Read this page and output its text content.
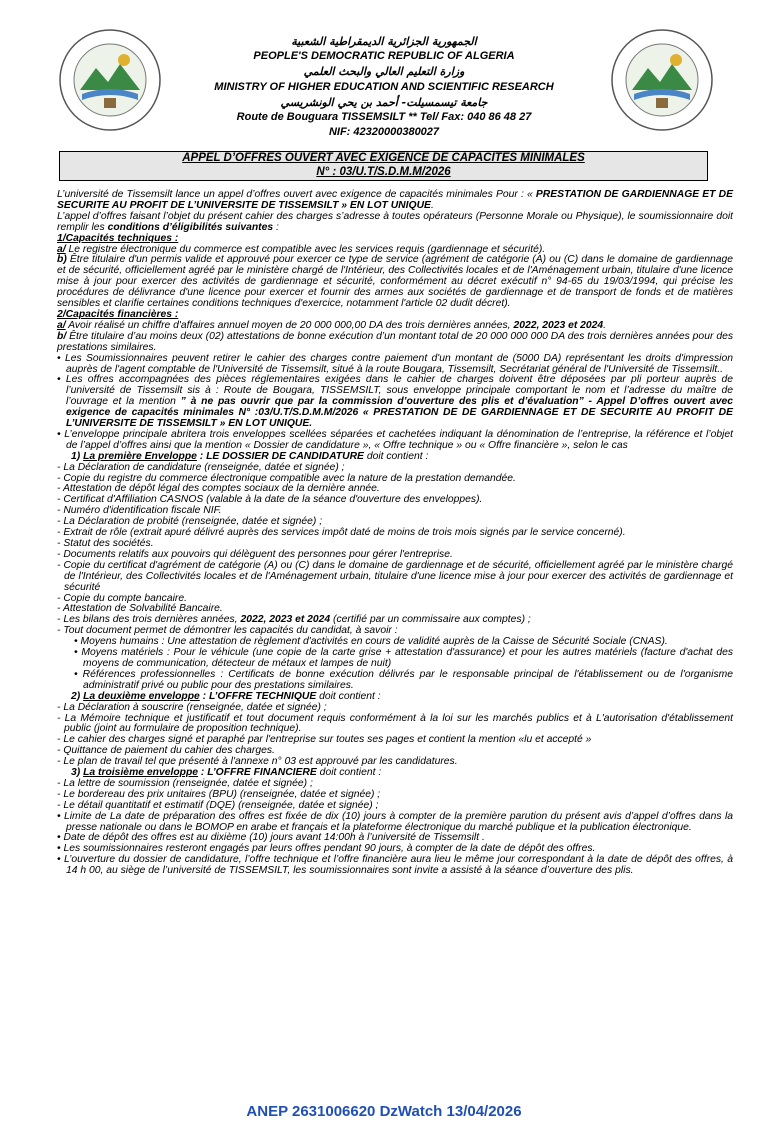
الجمهورية الجزائرية الديمقراطية الشعبية
PEOPLE'S DEMOCRATIC REPUBLIC OF ALGERIA
وزارة التعليم العالي والبحث العلمي
MINISTRY OF HIGHER EDUCATION AND SCIENTIFIC RESEARCH
جامعة تيسمسيلت- أحمد بن يحي الونشريسي
Route de Bouguara TISSEMSILT ** Tel/ Fax: 040 86 48 27
NIF: 42320000380027
APPEL D’OFFRES OUVERT AVEC EXIGENCE DE CAPACITES MINIMALES
N° : 03/U.T/S.D.M.M/2026

L’université de Tissemsilt lance un appel d’offres ouvert avec exigence de capacités minimales Pour : « PRESTATION DE GARDIENNAGE ET DE SECURITE AU PROFIT DE L’UNIVERSITE DE TISSEMSILT » EN LOT UNIQUE.

L’appel d’offres faisant l’objet du présent cahier des charges s’adresse à toutes opérateurs (Personne Morale ou Physique), le soumissionnaire doit remplir les conditions d’éligibilités suivantes :

1/Capacités techniques :

a/ Le registre électronique du commerce est compatible avec les services requis (gardiennage et sécurité).

b) Être titulaire d'un permis valide et approuvé pour exercer ce type de service (agrément de catégorie (A) ou (C) dans le domaine de gardiennage et de sécurité, officiellement agréé par le ministère chargé de l'Intérieur, des Collectivités locales et de l'Aménagement urbain, titulaire d'une licence mise à jour pour exercer des activités de gardiennage et sécurité, conformément au décret exécutif n° 94-65 du 19/03/1994, qui précise les procédures de délivrance d'une licence pour exercer et fournir des armes aux sociétés de gardiennage et de transport de fonds et de matières sensibles et clarifie certaines conditions techniques d'exercice, notamment l'article 02 dudit décret).

2/Capacités financières :

a/ Avoir réalisé un chiffre d'affaires annuel moyen de 20 000 000,00 DA des trois dernières années, 2022, 2023 et 2024.

b/ Être titulaire d’au moins deux (02) attestations de bonne exécution d’un montant total de 20 000 000 000 DA des trois dernières années pour des prestations similaires.

• Les Soumissionnaires peuvent retirer le cahier des charges contre paiement d'un montant de (5000 DA) représentant les droits d'impression auprès de l'agent comptable de l'Université de Tissemsilt, situé à la route Bougara, Tissemsilt, Secrétariat général de l'Université de Tissemsilt..

• Les offres accompagnées des pièces réglementaires exigées dans le cahier de charges doivent être déposées par pli porteur auprès de l’université de Tissemsilt sis à : Route de Bougara, TISSEMSILT, sous enveloppe principale comportant le nom et l’adresse du maître de l’ouvrage et la mention ” à ne pas ouvrir que par la commission d’ouverture des plis et d’évaluation” - Appel D’offres ouvert avec exigence de capacités minimales N° :03/U.T/S.D.M.M/2026 « PRESTATION DE DE GARDIENNAGE ET DE SECURITE AU PROFIT DE L’UNIVERSITE DE TISSEMSILT » EN LOT UNIQUE.

• L’enveloppe principale abritera trois enveloppes scellées séparées et cachetées indiquant la dénomination de l’entreprise, la référence et l’objet de l’appel d’offres ainsi que la mention « Dossier de candidature », « Offre technique » ou « Offre financière », selon le cas

1) La première Enveloppe : LE DOSSIER DE CANDIDATURE doit contient :

- La Déclaration de candidature (renseignée, datée et signée) ;

- Copie du registre du commerce électronique compatible avec la nature de la prestation demandée.

- Attestation de dépôt légal des comptes sociaux de la dernière année.

- Certificat d'Affiliation CASNOS (valable à la date de la séance d'ouverture des enveloppes).

- Numéro d'identification fiscale NIF.

- La Déclaration de probité (renseignée, datée et signée) ;

- Extrait de rôle (extrait apuré délivré auprès des services impôt daté de moins de trois mois signés par le service concerné).

- Statut des sociétés.

- Documents relatifs aux pouvoirs qui délèguent des personnes pour gérer l'entreprise.

- Copie du certificat d'agrément de catégorie (A) ou (C) dans le domaine de gardiennage et de sécurité, officiellement agréé par le ministère chargé de l'Intérieur, des Collectivités locales et de l'Aménagement urbain, titulaire d'une licence mise à jour pour exercer des activités de gardiennage et sécurité

- Copie du compte bancaire.

- Attestation de Solvabilité Bancaire.

- Les bilans des trois dernières années, 2022, 2023 et 2024 (certifié par un commissaire aux comptes) ;

- Tout document permet de démontrer les capacités du candidat, à savoir :

• Moyens humains : Une attestation de règlement d'activités en cours de validité auprès de la Caisse de Sécurité Sociale (CNAS).

• Moyens matériels : Pour le véhicule (une copie de la carte grise + attestation d'assurance) et pour les autres matériels (facture d'achat des moyens de communication, détecteur de métaux et lampes de nuit)

• Références professionnelles : Certificats de bonne exécution délivrés par le responsable principal de l'établissement ou de l'organisme administratif privé ou public pour des prestations similaires.

2) La deuxième enveloppe : L’OFFRE TECHNIQUE doit contient :

- La Déclaration à souscrire (renseignée, datée et signée) ;

- La Mémoire technique et justificatif et tout document requis conformément à la loi sur les marchés publics et à L'autorisation d'établissement public (joint au formulaire de proposition technique).

- Le cahier des charges signé et paraphé par l'entreprise sur toutes ses pages et contient la mention «lu et accepté »

- Quittance de paiement du cahier des charges.

- Le plan de travail tel que présenté à l'annexe n° 03 est approuvé par les candidatures.

3) La troisième enveloppe : L’OFFRE FINANCIERE doit contient :

- La lettre de soumission (renseignée, datée et signée) ;

- Le bordereau des prix unitaires (BPU) (renseignée, datée et signée) ;

- Le détail quantitatif et estimatif (DQE) (renseignée, datée et signée) ;

• Limite de La date de préparation des offres est fixée de dix (10) jours à compter de la première parution du présent avis d’appel d’offres dans la presse nationale ou dans le BOMOP en arabe et français et la plateforme électronique du marché publique et la publication électronique.

• Date de dépôt des offres est au dixième (10) jours avant 14:00h à l’université de Tissemsilt .

• Les soumissionnaires resteront engagés par leurs offres pendant 90 jours, à compter de la date de dépôt des offres.

• L’ouverture du dossier de candidature, l’offre technique et l’offre financière aura lieu le même jour correspondant à la date de dépôt des offres, à 14 h 00, au siège de l’université de TISSEMSILT, les soumissionnaires sont invite a assisté à la séance d’ouverture des plis.

ANEP 2631006620 DzWatch 13/04/2026
